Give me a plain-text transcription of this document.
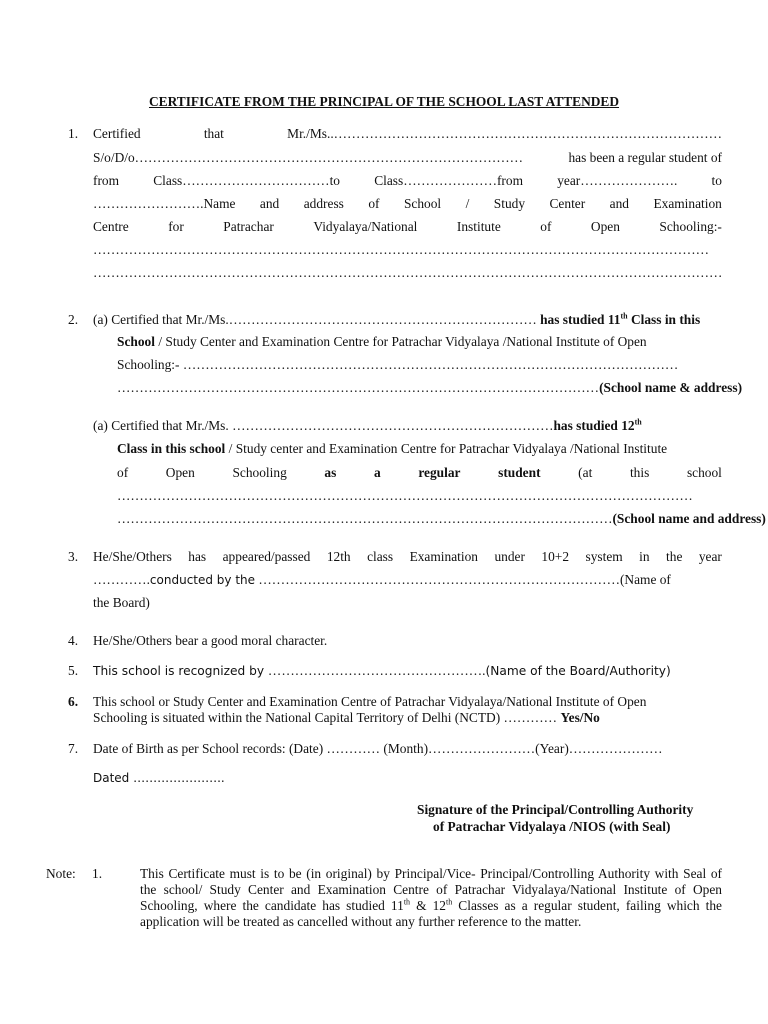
CERTIFICATE FROM THE PRINCIPAL OF THE SCHOOL LAST ATTENDED
1. Certified	that	Mr./Ms..……………………………………………………………………………
S/o/D/o……………………………………………………………………………	has been a regular student of
from	Class……………………………to	Class…………………from	year………………….	to
…………………….Name and address of School / Study Center and Examination
Centre	for	Patrachar	Vidyalaya/National	Institute	of	Open	Schooling:-
…………………………………………………………………………………………………………………………
……………………………………………………………………………………………………………………………
2. (a) Certified that Mr./Ms.…………………………………………………………… has studied 11th Class in this
School / Study Center and Examination Centre for Patrachar Vidyalaya /National Institute of Open
Schooling:- …………………………………………………………………………………………………
………………………………………………………………………………………………(School name & address)
(a) Certified that Mr./Ms. ………………………………………………………………has studied 12th
Class in this school / Study center and Examination Centre for Patrachar Vidyalaya /National Institute
of	Open	Schooling	as	a	regular	student	(at	this	school
…………………………………………………………………………………………………………………
…………………………………………………………………………………………………(School name and address)
3. He/She/Others has appeared/passed 12th class Examination under 10+2 system in the year
………….conducted by the ………………………………………………………………………(Name of
the Board)
4. He/She/Others bear a good moral character.
5. This school is recognized by ………………………………………….(Name of the Board/Authority)
6. This school or Study Center and Examination Centre of Patrachar Vidyalaya/National Institute of Open
Schooling is situated within the National Capital Territory of Delhi (NCTD) ………… Yes/No
7. Date of Birth as per School records: (Date) ………… (Month)……………………(Year)…………………
Dated …………………..
Signature of the Principal/Controlling Authority
of Patrachar Vidyalaya /NIOS (with Seal)
Note: 1.	This Certificate must is to be (in original) by Principal/Vice- Principal/Controlling Authority with Seal of the school/ Study Center and Examination Centre of Patrachar Vidyalaya/National Institute of Open Schooling, where the candidate has studied 11th & 12th Classes as a regular student, failing which the application will be treated as cancelled without any further reference to the matter.
